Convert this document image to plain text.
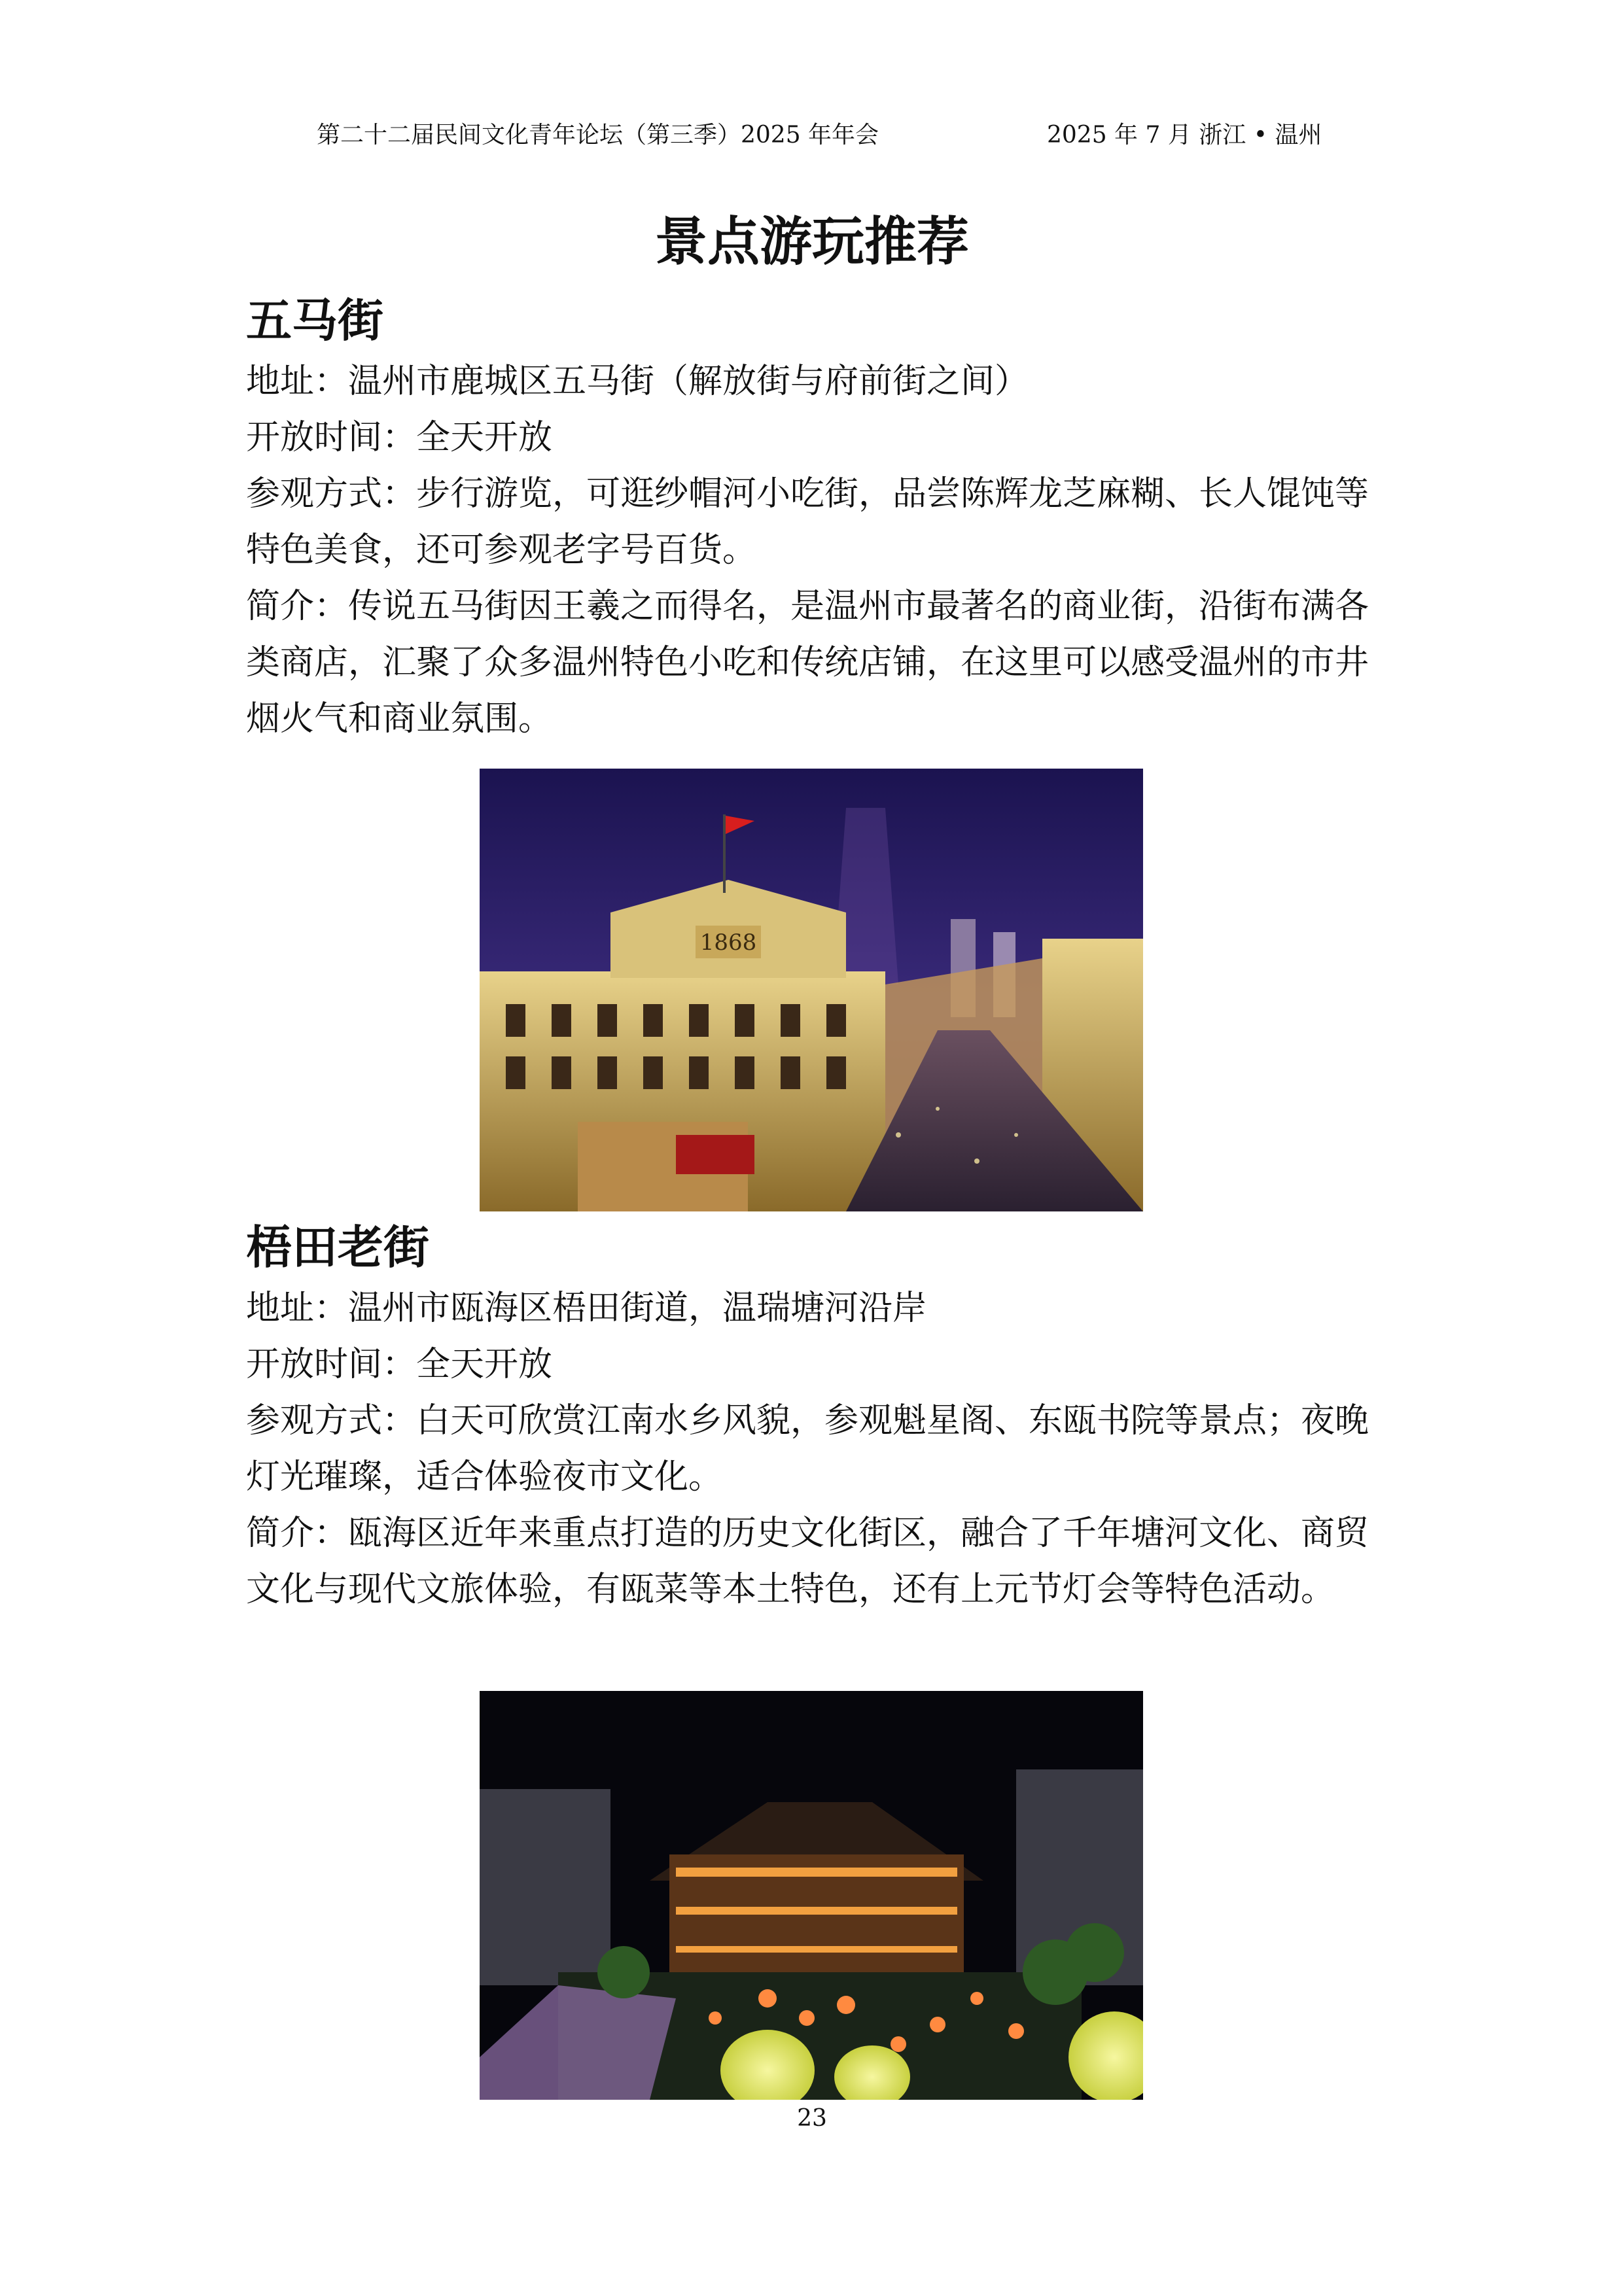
第二十二届民间文化青年论坛（第三季）2025 年年会	2025 年 7 月 浙江 • 温州
景点游玩推荐
五马街

地址：温州市鹿城区五马街（解放街与府前街之间）

开放时间：全天开放

参观方式：步行游览，可逛纱帽河小吃街，品尝陈辉龙芝麻糊、长人馄饨等特色美食，还可参观老字号百货。

简介：传说五马街因王羲之而得名，是温州市最著名的商业街，沿街布满各类商店，汇聚了众多温州特色小吃和传统店铺，在这里可以感受温州的市井烟火气和商业氛围。

1868
梧田老街

地址：温州市瓯海区梧田街道，温瑞塘河沿岸

开放时间：全天开放

参观方式：白天可欣赏江南水乡风貌，参观魁星阁、东瓯书院等景点；夜晚灯光璀璨，适合体验夜市文化。

简介：瓯海区近年来重点打造的历史文化街区，融合了千年塘河文化、商贸文化与现代文旅体验，有瓯菜等本土特色，还有上元节灯会等特色活动。

23
